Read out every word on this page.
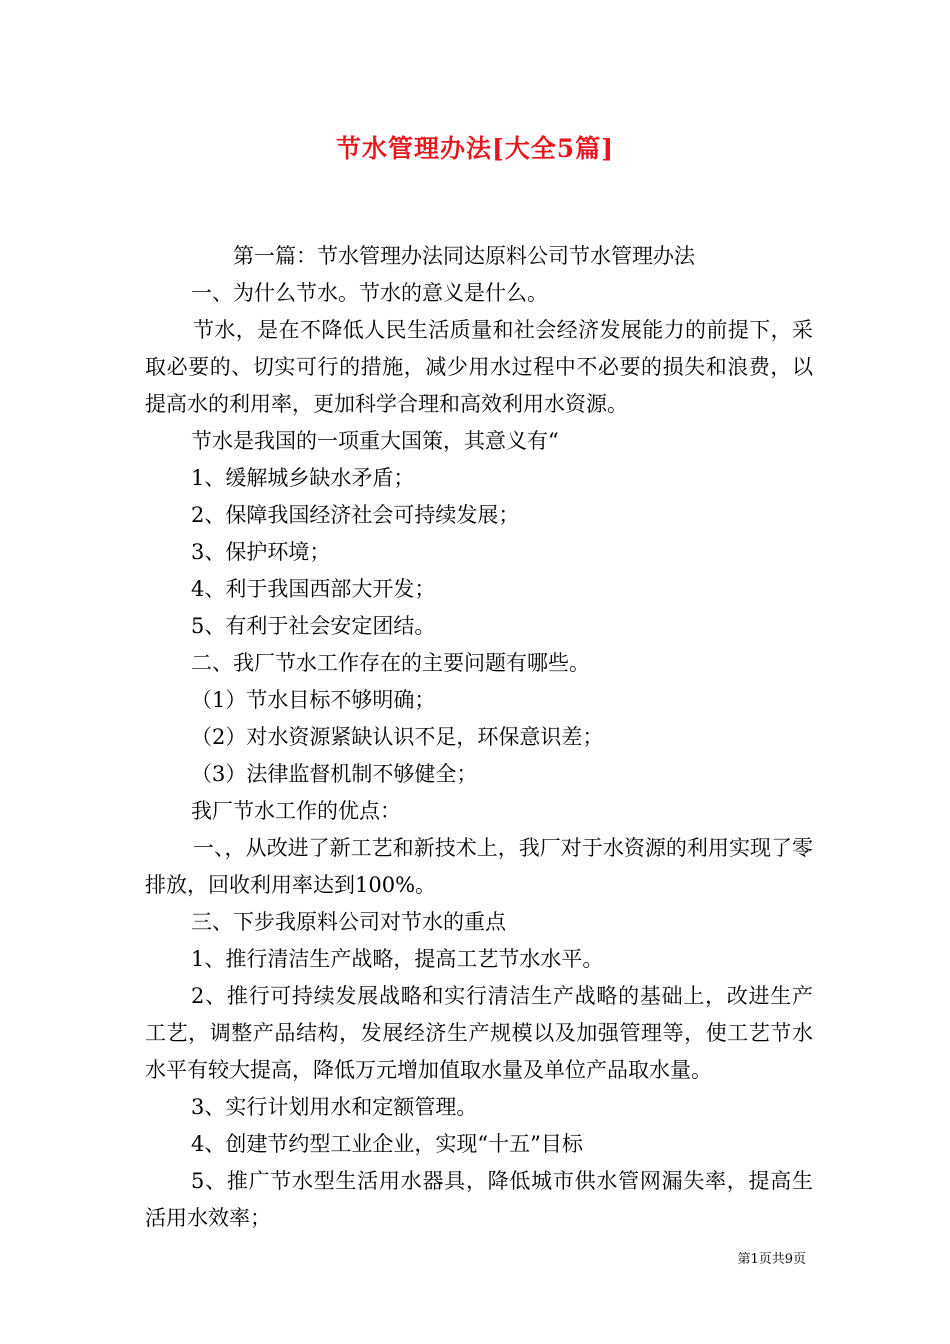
节水管理办法[大全5篇]

第一篇：节水管理办法同达原料公司节水管理办法

一、为什么节水。节水的意义是什么。

节水，是在不降低人民生活质量和社会经济发展能力的前提下，采取必要的、切实可行的措施，减少用水过程中不必要的损失和浪费，以提高水的利用率，更加科学合理和高效利用水资源。

节水是我国的一项重大国策，其意义有“

1、缓解城乡缺水矛盾；

2、保障我国经济社会可持续发展；

3、保护环境；

4、利于我国西部大开发；

5、有利于社会安定团结。

二、我厂节水工作存在的主要问题有哪些。

（1）节水目标不够明确；

（2）对水资源紧缺认识不足，环保意识差；

（3）法律监督机制不够健全；

我厂节水工作的优点：

一、，从改进了新工艺和新技术上，我厂对于水资源的利用实现了零排放，回收利用率达到100%。

三、下步我原料公司对节水的重点

1、推行清洁生产战略，提高工艺节水水平。

2、推行可持续发展战略和实行清洁生产战略的基础上，改进生产工艺，调整产品结构，发展经济生产规模以及加强管理等，使工艺节水水平有较大提高，降低万元增加值取水量及单位产品取水量。

3、实行计划用水和定额管理。

4、创建节约型工业企业，实现“十五”目标

5、推广节水型生活用水器具，降低城市供水管网漏失率，提高生活用水效率；

第1页共9页
